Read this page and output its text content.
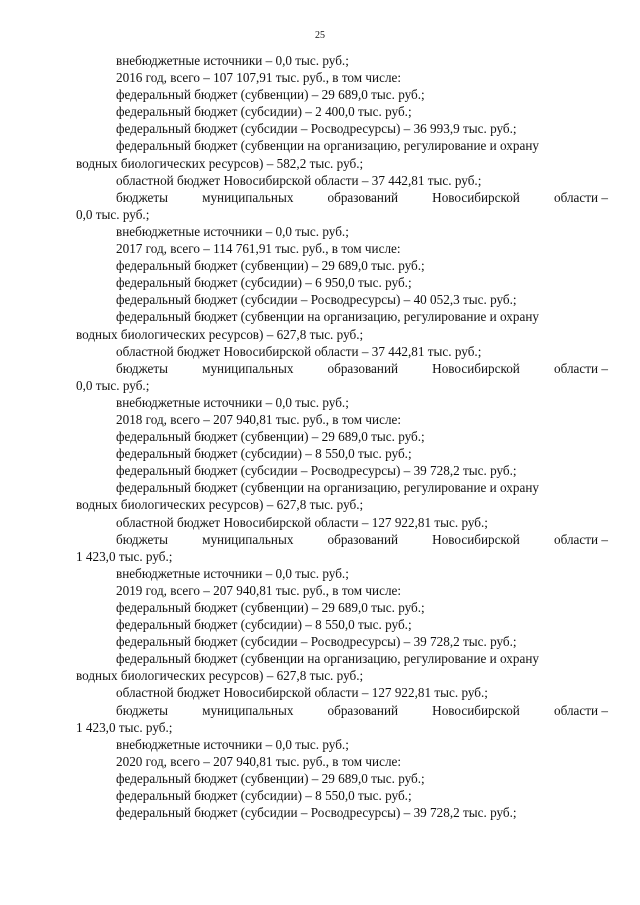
25
внебюджетные источники – 0,0 тыс. руб.;
2016 год, всего – 107 107,91 тыс. руб., в том числе:
федеральный бюджет (субвенции) – 29 689,0 тыс. руб.;
федеральный бюджет (субсидии) – 2 400,0 тыс. руб.;
федеральный бюджет (субсидии – Росводресурсы) – 36 993,9 тыс. руб.;
федеральный бюджет (субвенции на организацию, регулирование и охрану
водных биологических ресурсов) – 582,2 тыс. руб.;
областной бюджет Новосибирской области – 37 442,81 тыс. руб.;
бюджеты	муниципальных	образований	Новосибирской	области –
0,0 тыс. руб.;
внебюджетные источники – 0,0 тыс. руб.;
2017 год, всего – 114 761,91 тыс. руб., в том числе:
федеральный бюджет (субвенции) – 29 689,0 тыс. руб.;
федеральный бюджет (субсидии) – 6 950,0 тыс. руб.;
федеральный бюджет (субсидии – Росводресурсы) – 40 052,3 тыс. руб.;
федеральный бюджет (субвенции на организацию, регулирование и охрану
водных биологических ресурсов) – 627,8 тыс. руб.;
областной бюджет Новосибирской области – 37 442,81 тыс. руб.;
бюджеты	муниципальных	образований	Новосибирской	области –
0,0 тыс. руб.;
внебюджетные источники – 0,0 тыс. руб.;
2018 год, всего – 207 940,81 тыс. руб., в том числе:
федеральный бюджет (субвенции) – 29 689,0 тыс. руб.;
федеральный бюджет (субсидии) – 8 550,0 тыс. руб.;
федеральный бюджет (субсидии – Росводресурсы) – 39 728,2 тыс. руб.;
федеральный бюджет (субвенции на организацию, регулирование и охрану
водных биологических ресурсов) – 627,8 тыс. руб.;
областной бюджет Новосибирской области – 127 922,81 тыс. руб.;
бюджеты	муниципальных	образований	Новосибирской	области –
1 423,0 тыс. руб.;
внебюджетные источники – 0,0 тыс. руб.;
2019 год, всего – 207 940,81 тыс. руб., в том числе:
федеральный бюджет (субвенции) – 29 689,0 тыс. руб.;
федеральный бюджет (субсидии) – 8 550,0 тыс. руб.;
федеральный бюджет (субсидии – Росводресурсы) – 39 728,2 тыс. руб.;
федеральный бюджет (субвенции на организацию, регулирование и охрану
водных биологических ресурсов) – 627,8 тыс. руб.;
областной бюджет Новосибирской области – 127 922,81 тыс. руб.;
бюджеты	муниципальных	образований	Новосибирской	области –
1 423,0 тыс. руб.;
внебюджетные источники – 0,0 тыс. руб.;
2020 год, всего – 207 940,81 тыс. руб., в том числе:
федеральный бюджет (субвенции) – 29 689,0 тыс. руб.;
федеральный бюджет (субсидии) – 8 550,0 тыс. руб.;
федеральный бюджет (субсидии – Росводресурсы) – 39 728,2 тыс. руб.;
